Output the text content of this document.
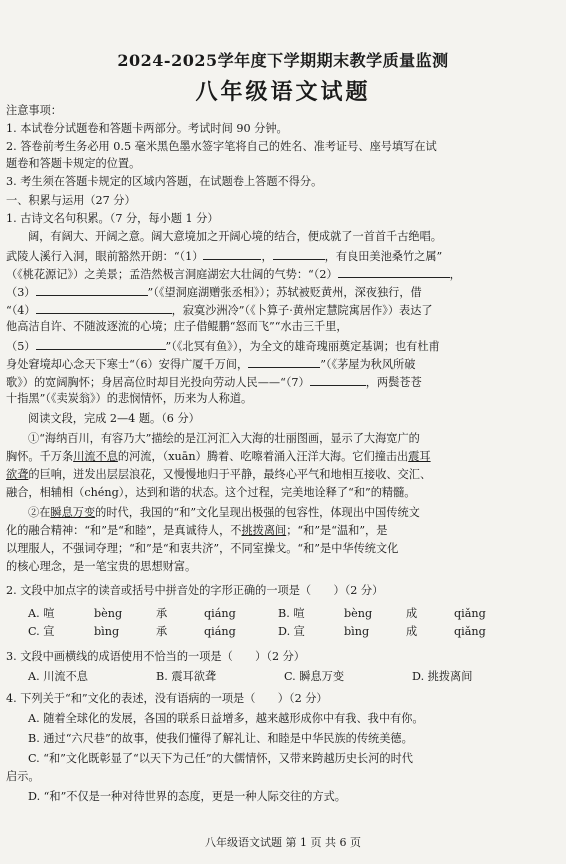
2024-2025学年度下学期期末教学质量监测
八年级语文试题
注意事项：
1. 本试卷分试题卷和答题卡两部分。考试时间 90 分钟。
2. 答卷前考生务必用 0.5 毫米黑色墨水签字笔将自己的姓名、准考证号、座号填写在试
题卷和答题卡规定的位置。
3. 考生须在答题卡规定的区域内答题，在试题卷上答题不得分。
一、积累与运用（27 分）
1. 古诗文名句积累。（7 分，每小题 1 分）
阔，有阔大、开阔之意。阔大意境加之开阔心境的结合，便成就了一首首千古绝唱。
武陵人溪行入洞，眼前豁然开朗：“（1）	，	，有良田美池桑竹之属”
（《桃花源记》）之美景；孟浩然极言洞庭湖宏大壮阔的气势：“（2）	，
（3）	”（《望洞庭湖赠张丞相》）；苏轼被贬黄州，深夜独行，借
“（4）	，寂寞沙洲冷”（《卜算子·黄州定慧院寓居作》）表达了
他高洁自许、不随波逐流的心境；庄子借鲲鹏“怒而飞”“水击三千里，
（5）	”（《北冥有鱼》），为全文的雄奇瑰丽奠定基调；也有杜甫
身处窘境却心念天下寒士“（6）安得广厦千万间，	”（《茅屋为秋风所破
歌》）的宽阔胸怀；身居高位时却目光投向劳动人民——“（7）	，两鬓苍苍
十指黑”（《卖炭翁》）的悲悯情怀，历来为人称道。
阅读文段，完成 2—4 题。（6 分）
①“海纳百川，有容乃大”描绘的是江河汇入大海的壮丽图画，显示了大海宽广的
胸怀。千万条川流不息的河流，（xuān）腾着、吃嚓着涌入汪洋大海。它们撞击出震耳
欲聋的巨响，迸发出层层浪花，又慢慢地归于平静，最终心平气和地相互接收、交汇、
融合，相辅相（chéng），达到和谐的状态。这个过程，完美地诠释了“和”的精髓。
②在瞬息万变的时代，我国的“和”文化呈现出极强的包容性，体现出中国传统文
化的融合精神：“和”是“和睦”，是真诚待人，不挑拨离间；“和”是“温和”，是
以理服人，不强词夺理；“和”是“和衷共济”，不同室操戈。“和”是中华传统文化
的核心理念，是一笔宝贵的思想财富。
2. 文段中加点字的读音或括号中拼音处的字形正确的一项是（　　）（2 分）
A. 喧	bèng	承	qiáng	B. 喧	bèng	成	qiǎng
C. 宣	bìng	承	qiáng	D. 宣	bìng	成	qiǎng
3. 文段中画横线的成语使用不恰当的一项是（　　）（2 分）
A. 川流不息	B. 震耳欲聋	C. 瞬息万变	D. 挑拨离间
4. 下列关于“和”文化的表述，没有语病的一项是（　　）（2 分）
A. 随着全球化的发展，各国的联系日益增多，越来越形成你中有我、我中有你。
B. 通过“六尺巷”的故事，使我们懂得了解礼让、和睦是中华民族的传统美德。
C. “和”文化既彰显了“以天下为己任”的大儒情怀，又带来跨越历史长河的时代
启示。
D. “和”不仅是一种对待世界的态度，更是一种人际交往的方式。
八年级语文试题 第 1 页 共 6 页
